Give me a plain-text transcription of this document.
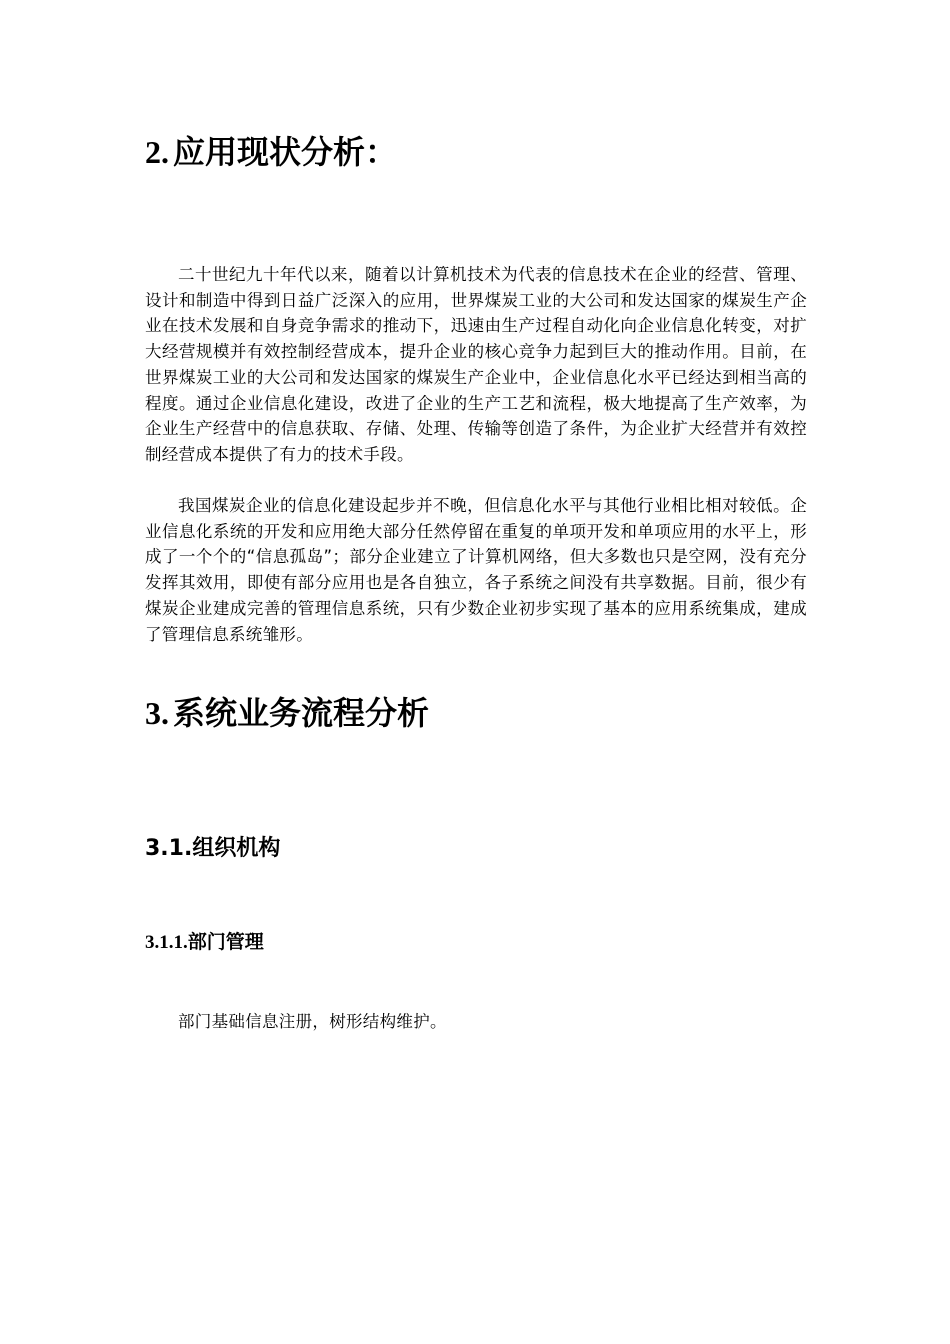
2. 应用现状分析：

二十世纪九十年代以来，随着以计算机技术为代表的信息技术在企业的经营、管理、设计和制造中得到日益广泛深入的应用，世界煤炭工业的大公司和发达国家的煤炭生产企业在技术发展和自身竞争需求的推动下，迅速由生产过程自动化向企业信息化转变，对扩大经营规模并有效控制经营成本，提升企业的核心竞争力起到巨大的推动作用。目前，在世界煤炭工业的大公司和发达国家的煤炭生产企业中，企业信息化水平已经达到相当高的程度。通过企业信息化建设，改进了企业的生产工艺和流程，极大地提高了生产效率，为企业生产经营中的信息获取、存储、处理、传输等创造了条件，为企业扩大经营并有效控制经营成本提供了有力的技术手段。

我国煤炭企业的信息化建设起步并不晚，但信息化水平与其他行业相比相对较低。企业信息化系统的开发和应用绝大部分任然停留在重复的单项开发和单项应用的水平上，形成了一个个的“信息孤岛”；部分企业建立了计算机网络，但大多数也只是空网，没有充分发挥其效用，即使有部分应用也是各自独立，各子系统之间没有共享数据。目前，很少有煤炭企业建成完善的管理信息系统，只有少数企业初步实现了基本的应用系统集成，建成了管理信息系统雏形。

3. 系统业务流程分析
3.1.组织机构
3.1.1.部门管理

部门基础信息注册，树形结构维护。
